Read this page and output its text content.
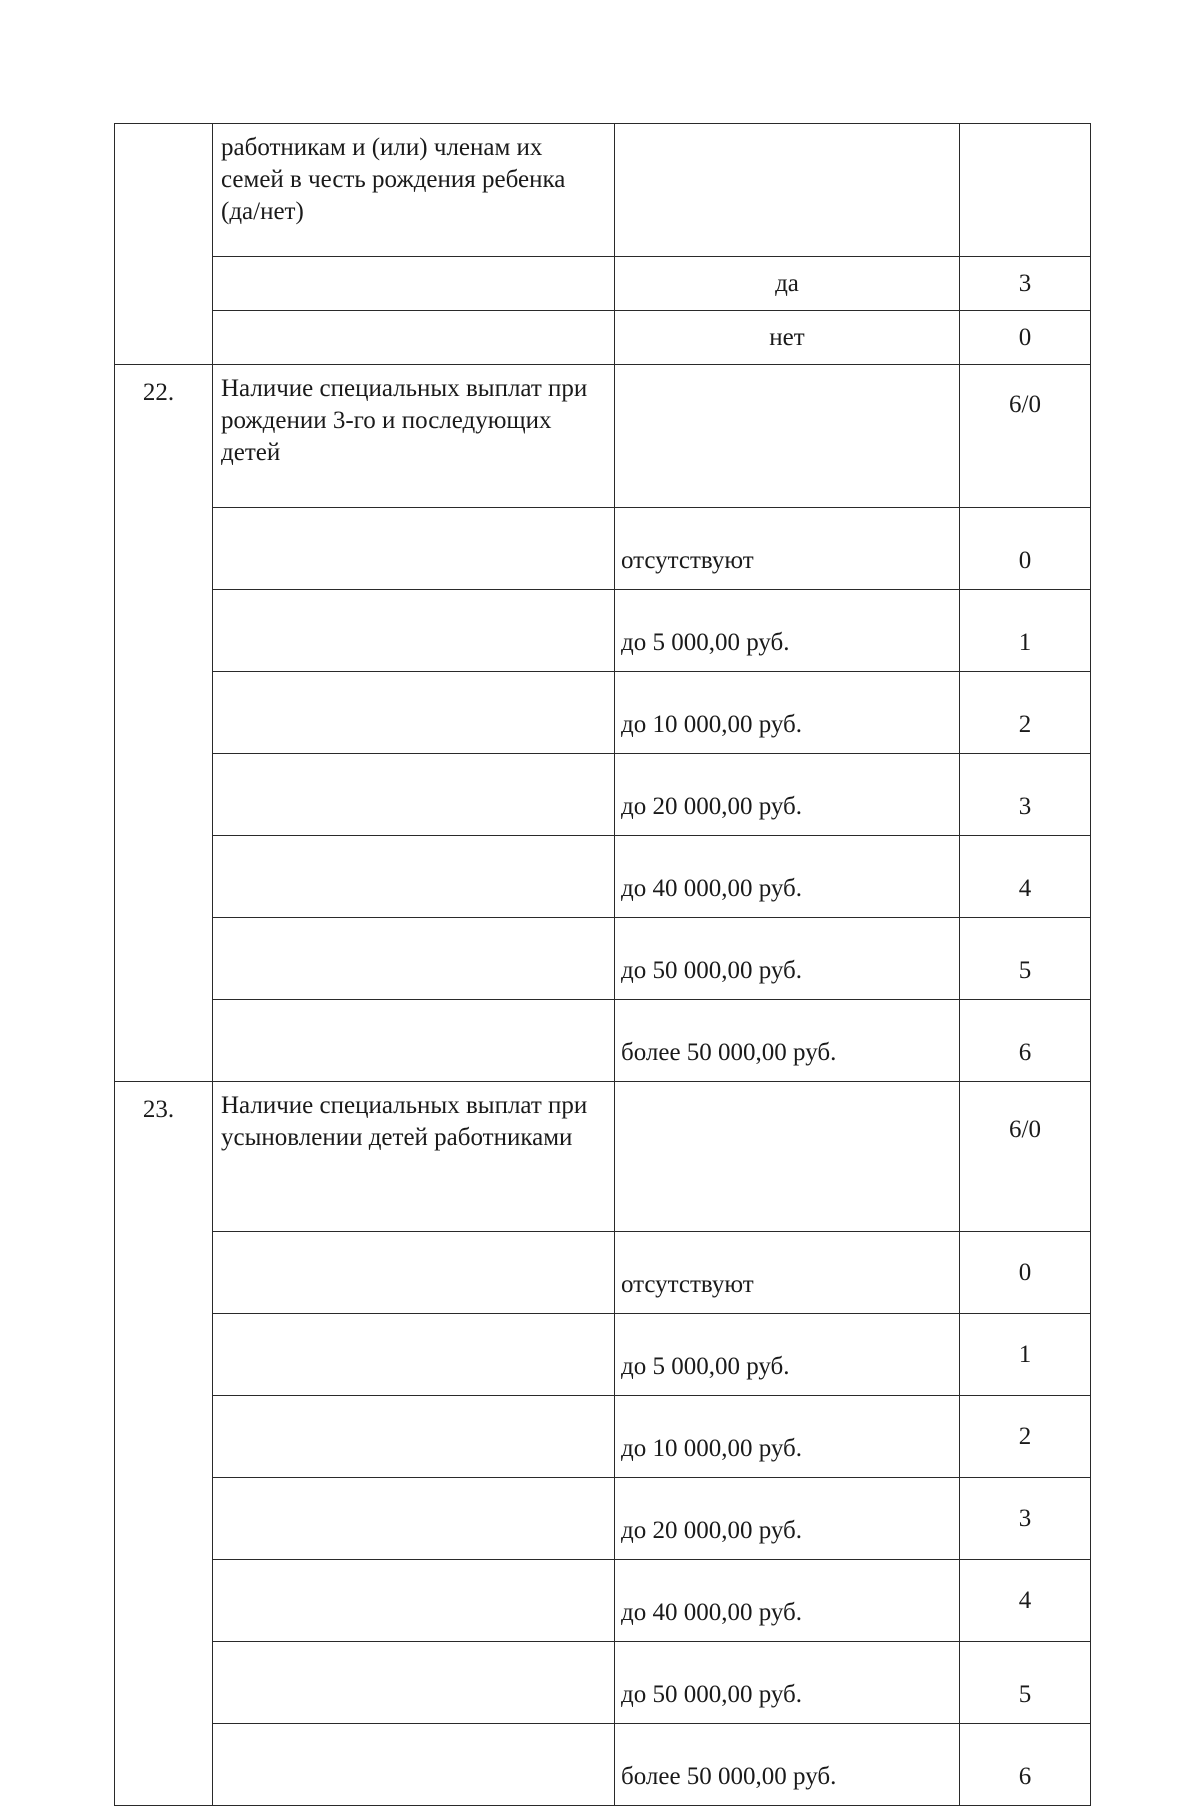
	работникам и (или) членам их семей в честь рождения ребенка (да/нет)		
		да	3
		нет	0
22.	Наличие специальных выплат при рождении 3-го и последующих детей		6/0
		отсутствуют	0
		до 5 000,00 руб.	1
		до 10 000,00 руб.	2
		до 20 000,00 руб.	3
		до 40 000,00 руб.	4
		до 50 000,00 руб.	5
		более 50 000,00 руб.	6
23.	Наличие специальных выплат при усыновлении детей работниками		6/0
		отсутствуют	0
		до 5 000,00 руб.	1
		до 10 000,00 руб.	2
		до 20 000,00 руб.	3
		до 40 000,00 руб.	4
		до 50 000,00 руб.	5
		более 50 000,00 руб.	6
